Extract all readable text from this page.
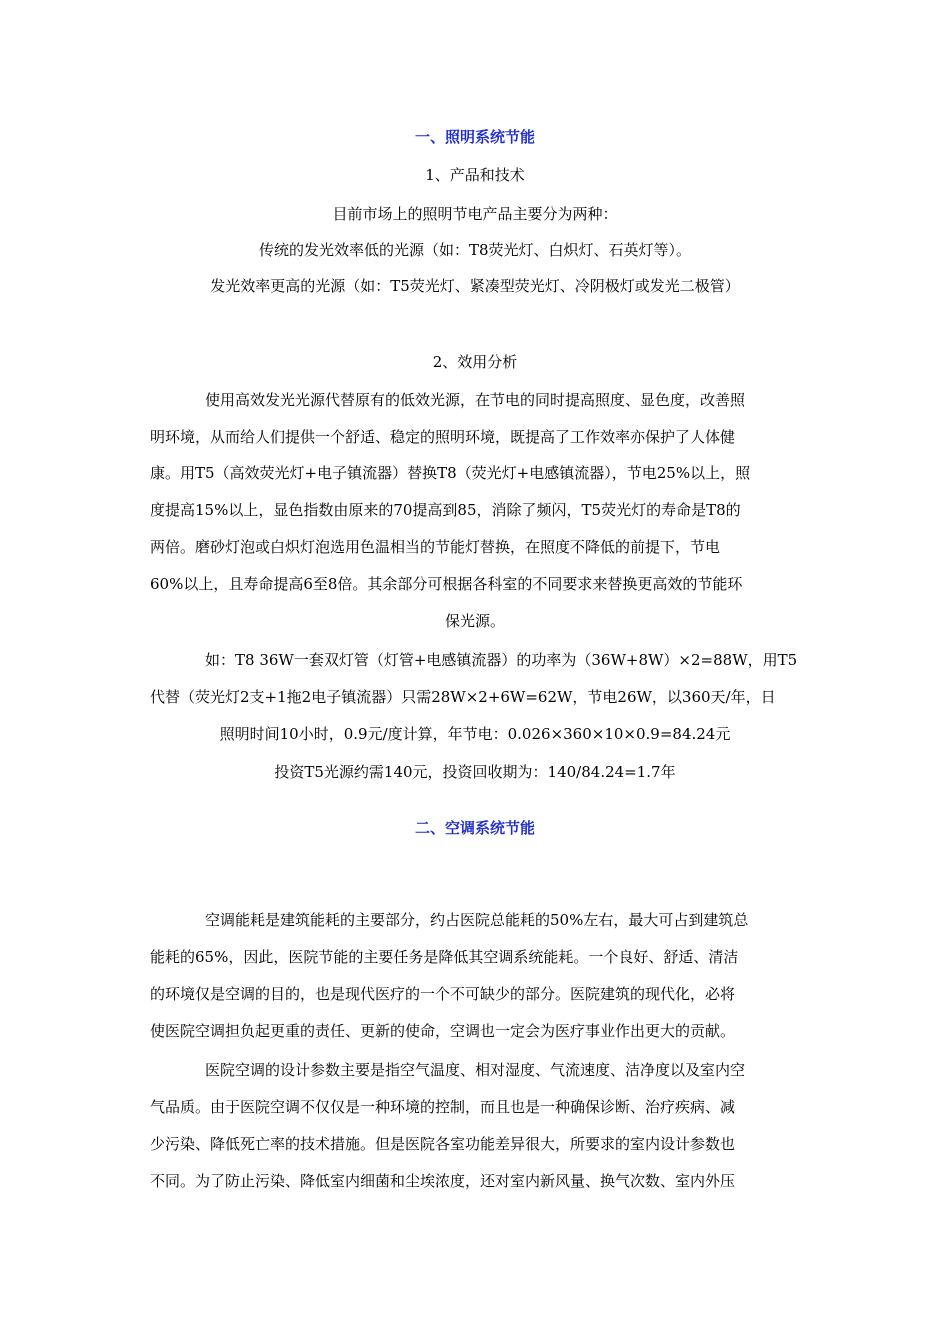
一、照明系统节能
1、产品和技术
目前市场上的照明节电产品主要分为两种：
传统的发光效率低的光源（如：T8荧光灯、白炽灯、石英灯等）。
发光效率更高的光源（如：T5荧光灯、紧凑型荧光灯、冷阴极灯或发光二极管）
2、效用分析
使用高效发光光源代替原有的低效光源，在节电的同时提高照度、显色度，改善照
明环境，从而给人们提供一个舒适、稳定的照明环境，既提高了工作效率亦保护了人体健
康。用T5（高效荧光灯+电子镇流器）替换T8（荧光灯+电感镇流器），节电25%以上，照
度提高15%以上，显色指数由原来的70提高到85，消除了频闪，T5荧光灯的寿命是T8的
两倍。磨砂灯泡或白炽灯泡选用色温相当的节能灯替换，在照度不降低的前提下，节电
60%以上，且寿命提高6至8倍。其余部分可根据各科室的不同要求来替换更高效的节能环
保光源。
如：T8 36W一套双灯管（灯管+电感镇流器）的功率为（36W+8W）×2=88W，用T5
代替（荧光灯2支+1拖2电子镇流器）只需28W×2+6W=62W，节电26W，以360天/年，日
照明时间10小时，0.9元/度计算，年节电：0.026×360×10×0.9=84.24元
投资T5光源约需140元，投资回收期为：140/84.24=1.7年
二、空调系统节能
空调能耗是建筑能耗的主要部分，约占医院总能耗的50%左右，最大可占到建筑总
能耗的65%，因此，医院节能的主要任务是降低其空调系统能耗。一个良好、舒适、清洁
的环境仅是空调的目的，也是现代医疗的一个不可缺少的部分。医院建筑的现代化，必将
使医院空调担负起更重的责任、更新的使命，空调也一定会为医疗事业作出更大的贡献。
医院空调的设计参数主要是指空气温度、相对湿度、气流速度、洁净度以及室内空
气品质。由于医院空调不仅仅是一种环境的控制，而且也是一种确保诊断、治疗疾病、减
少污染、降低死亡率的技术措施。但是医院各室功能差异很大，所要求的室内设计参数也
不同。为了防止污染、降低室内细菌和尘埃浓度，还对室内新风量、换气次数、室内外压
